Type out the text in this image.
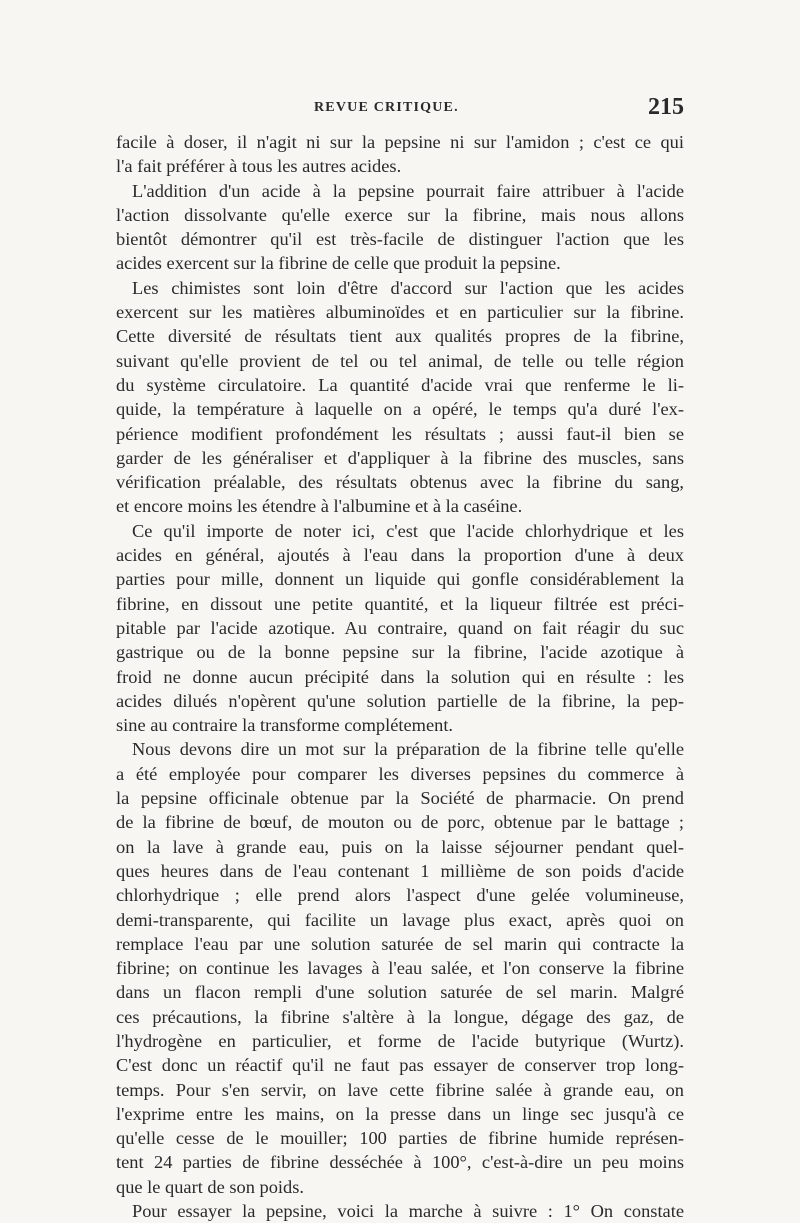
REVUE CRITIQUE.	215
facile à doser, il n'agit ni sur la pepsine ni sur l'amidon ; c'est ce qui
l'a fait préférer à tous les autres acides.
L'addition d'un acide à la pepsine pourrait faire attribuer à l'acide
l'action dissolvante qu'elle exerce sur la fibrine, mais nous allons
bientôt démontrer qu'il est très-facile de distinguer l'action que les
acides exercent sur la fibrine de celle que produit la pepsine.
Les chimistes sont loin d'être d'accord sur l'action que les acides
exercent sur les matières albuminoïdes et en particulier sur la fibrine.
Cette diversité de résultats tient aux qualités propres de la fibrine,
suivant qu'elle provient de tel ou tel animal, de telle ou telle région
du système circulatoire. La quantité d'acide vrai que renferme le li-
quide, la température à laquelle on a opéré, le temps qu'a duré l'ex-
périence modifient profondément les résultats ; aussi faut-il bien se
garder de les généraliser et d'appliquer à la fibrine des muscles, sans
vérification préalable, des résultats obtenus avec la fibrine du sang,
et encore moins les étendre à l'albumine et à la caséine.
Ce qu'il importe de noter ici, c'est que l'acide chlorhydrique et les
acides en général, ajoutés à l'eau dans la proportion d'une à deux
parties pour mille, donnent un liquide qui gonfle considérablement la
fibrine, en dissout une petite quantité, et la liqueur filtrée est préci-
pitable par l'acide azotique. Au contraire, quand on fait réagir du suc
gastrique ou de la bonne pepsine sur la fibrine, l'acide azotique à
froid ne donne aucun précipité dans la solution qui en résulte : les
acides dilués n'opèrent qu'une solution partielle de la fibrine, la pep-
sine au contraire la transforme complétement.
Nous devons dire un mot sur la préparation de la fibrine telle qu'elle
a été employée pour comparer les diverses pepsines du commerce à
la pepsine officinale obtenue par la Société de pharmacie. On prend
de la fibrine de bœuf, de mouton ou de porc, obtenue par le battage ;
on la lave à grande eau, puis on la laisse séjourner pendant quel-
ques heures dans de l'eau contenant 1 millième de son poids d'acide
chlorhydrique ; elle prend alors l'aspect d'une gelée volumineuse,
demi-transparente, qui facilite un lavage plus exact, après quoi on
remplace l'eau par une solution saturée de sel marin qui contracte la
fibrine; on continue les lavages à l'eau salée, et l'on conserve la fibrine
dans un flacon rempli d'une solution saturée de sel marin. Malgré
ces précautions, la fibrine s'altère à la longue, dégage des gaz, de
l'hydrogène en particulier, et forme de l'acide butyrique (Wurtz).
C'est donc un réactif qu'il ne faut pas essayer de conserver trop long-
temps. Pour s'en servir, on lave cette fibrine salée à grande eau, on
l'exprime entre les mains, on la presse dans un linge sec jusqu'à ce
qu'elle cesse de le mouiller; 100 parties de fibrine humide représen-
tent 24 parties de fibrine desséchée à 100°, c'est-à-dire un peu moins
que le quart de son poids.
Pour essayer la pepsine, voici la marche à suivre : 1° On constate
